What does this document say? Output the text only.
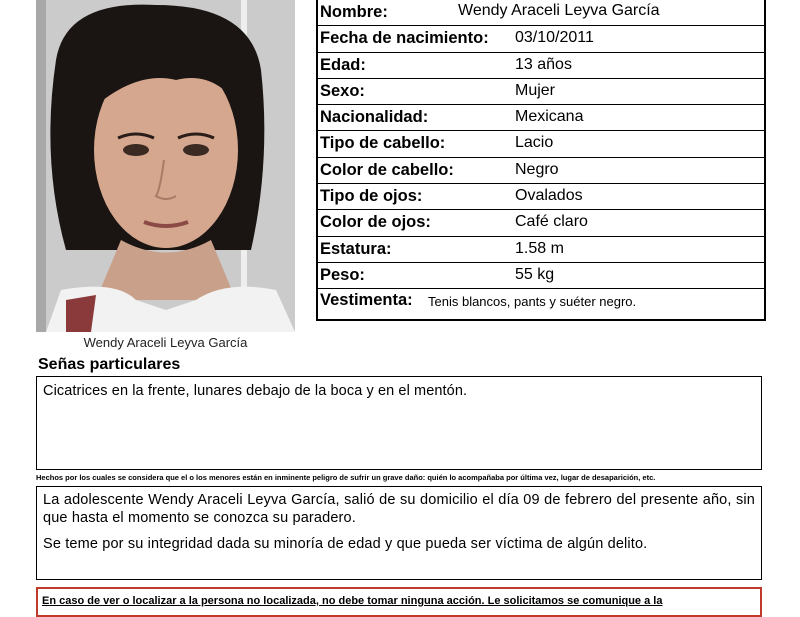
Wendy Araceli Leyva García
Nombre:	Wendy Araceli Leyva García
Fecha de nacimiento: 03/10/2011
Edad:	13 años
Sexo:	Mujer
Nacionalidad:	Mexicana
Tipo de cabello:	Lacio
Color de cabello:	Negro
Tipo de ojos:	Ovalados
Color de ojos:	Café claro
Estatura:	1.58 m
Peso:	55 kg
Vestimenta: Tenis blancos, pants y suéter negro.
Señas particulares

Cicatrices en la frente, lunares debajo de la boca y en el mentón.

Hechos por los cuales se considera que el o los menores están en inminente peligro de sufrir un grave daño: quién lo acompañaba por última vez, lugar de desaparición, etc.

La adolescente Wendy Araceli Leyva García, salió de su domicilio el día 09 de febrero del presente año, sin que hasta el momento se conozca su paradero.

Se teme por su integridad dada su minoría de edad y que pueda ser víctima de algún delito.

En caso de ver o localizar a la persona no localizada, no debe tomar ninguna acción. Le solicitamos se comunique a la
